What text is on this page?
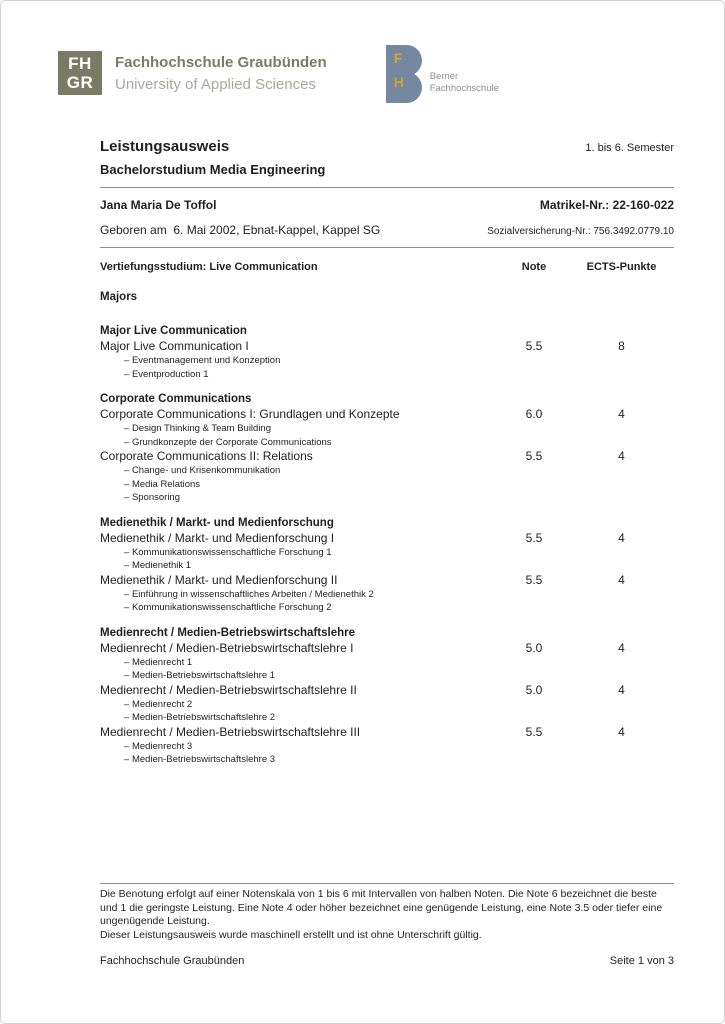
FH
GR
Fachhochschule Graubünden
University of Applied Sciences
F
H	Berner
Fachhochschule
Leistungsausweis	1. bis 6. Semester
Bachelorstudium Media Engineering
Jana Maria De Toffol	Matrikel-Nr.: 22-160-022
Geboren am  6. Mai 2002, Ebnat-Kappel, Kappel SG	Sozialversicherung-Nr.: 756.3492.0779.10
Vertiefungsstudium: Live Communication	Note	ECTS-Punkte
Majors
Major Live Communication
Major Live Communication I	5.5	8
– Eventmanagement und Konzeption
– Eventproduction 1
Corporate Communications
Corporate Communications I: Grundlagen und Konzepte	6.0	4
– Design Thinking & Team Building
– Grundkonzepte der Corporate Communications
Corporate Communications II: Relations	5.5	4
– Change- und Krisenkommunikation
– Media Relations
– Sponsoring
Medienethik / Markt- und Medienforschung
Medienethik / Markt- und Medienforschung I	5.5	4
– Kommunikationswissenschaftliche Forschung 1
– Medienethik 1
Medienethik / Markt- und Medienforschung II	5.5	4
– Einführung in wissenschaftliches Arbeiten / Medienethik 2
– Kommunikationswissenschaftliche Forschung 2
Medienrecht / Medien-Betriebswirtschaftslehre
Medienrecht / Medien-Betriebswirtschaftslehre I	5.0	4
– Medienrecht 1
– Medien-Betriebswirtschaftslehre 1
Medienrecht / Medien-Betriebswirtschaftslehre II	5.0	4
– Medienrecht 2
– Medien-Betriebswirtschaftslehre 2
Medienrecht / Medien-Betriebswirtschaftslehre III	5.5	4
– Medienrecht 3
– Medien-Betriebswirtschaftslehre 3

Die Benotung erfolgt auf einer Notenskala von 1 bis 6 mit Intervallen von halben Noten. Die Note 6 bezeichnet die beste und 1 die geringste Leistung. Eine Note 4 oder höher bezeichnet eine genügende Leistung, eine Note 3.5 oder tiefer eine ungenügende Leistung.

Dieser Leistungsausweis wurde maschinell erstellt und ist ohne Unterschrift gültig.

Fachhochschule Graubünden	Seite 1 von 3
